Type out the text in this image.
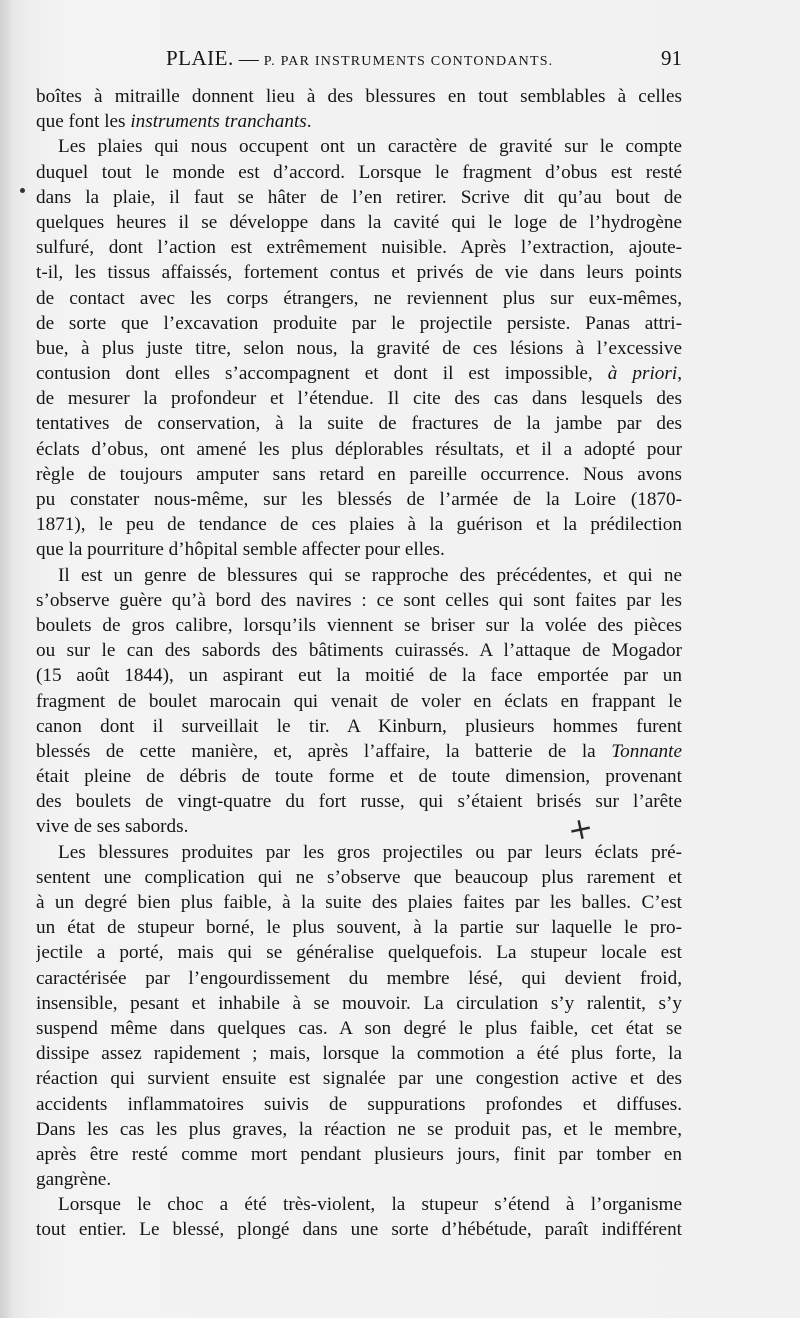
PLAIE. — P. PAR INSTRUMENTS CONTONDANTS.	91
boîtes à mitraille donnent lieu à des blessures en tout semblables à celles
que font les instruments tranchants.
Les plaies qui nous occupent ont un caractère de gravité sur le compte
duquel tout le monde est d’accord. Lorsque le fragment d’obus est resté
dans la plaie, il faut se hâter de l’en retirer. Scrive dit qu’au bout de
quelques heures il se développe dans la cavité qui le loge de l’hydrogène
sulfuré, dont l’action est extrêmement nuisible. Après l’extraction, ajoute-
t-il, les tissus affaissés, fortement contus et privés de vie dans leurs points
de contact avec les corps étrangers, ne reviennent plus sur eux-mêmes,
de sorte que l’excavation produite par le projectile persiste. Panas attri-
bue, à plus juste titre, selon nous, la gravité de ces lésions à l’excessive
contusion dont elles s’accompagnent et dont il est impossible, à priori,
de mesurer la profondeur et l’étendue. Il cite des cas dans lesquels des
tentatives de conservation, à la suite de fractures de la jambe par des
éclats d’obus, ont amené les plus déplorables résultats, et il a adopté pour
règle de toujours amputer sans retard en pareille occurrence. Nous avons
pu constater nous-même, sur les blessés de l’armée de la Loire (1870-
1871), le peu de tendance de ces plaies à la guérison et la prédilection
que la pourriture d’hôpital semble affecter pour elles.
Il est un genre de blessures qui se rapproche des précédentes, et qui ne
s’observe guère qu’à bord des navires : ce sont celles qui sont faites par les
boulets de gros calibre, lorsqu’ils viennent se briser sur la volée des pièces
ou sur le can des sabords des bâtiments cuirassés. A l’attaque de Mogador
(15 août 1844), un aspirant eut la moitié de la face emportée par un
fragment de boulet marocain qui venait de voler en éclats en frappant le
canon dont il surveillait le tir. A Kinburn, plusieurs hommes furent
blessés de cette manière, et, après l’affaire, la batterie de la Tonnante
était pleine de débris de toute forme et de toute dimension, provenant
des boulets de vingt-quatre du fort russe, qui s’étaient brisés sur l’arête
vive de ses sabords.
Les blessures produites par les gros projectiles ou par leurs éclats pré-
sentent une complication qui ne s’observe que beaucoup plus rarement et
à un degré bien plus faible, à la suite des plaies faites par les balles. C’est
un état de stupeur borné, le plus souvent, à la partie sur laquelle le pro-
jectile a porté, mais qui se généralise quelquefois. La stupeur locale est
caractérisée par l’engourdissement du membre lésé, qui devient froid,
insensible, pesant et inhabile à se mouvoir. La circulation s’y ralentit, s’y
suspend même dans quelques cas. A son degré le plus faible, cet état se
dissipe assez rapidement ; mais, lorsque la commotion a été plus forte, la
réaction qui survient ensuite est signalée par une congestion active et des
accidents inflammatoires suivis de suppurations profondes et diffuses.
Dans les cas les plus graves, la réaction ne se produit pas, et le membre,
après être resté comme mort pendant plusieurs jours, finit par tomber en
gangrène.
Lorsque le choc a été très-violent, la stupeur s’étend à l’organisme
tout entier. Le blessé, plongé dans une sorte d’hébétude, paraît indifférent
+
